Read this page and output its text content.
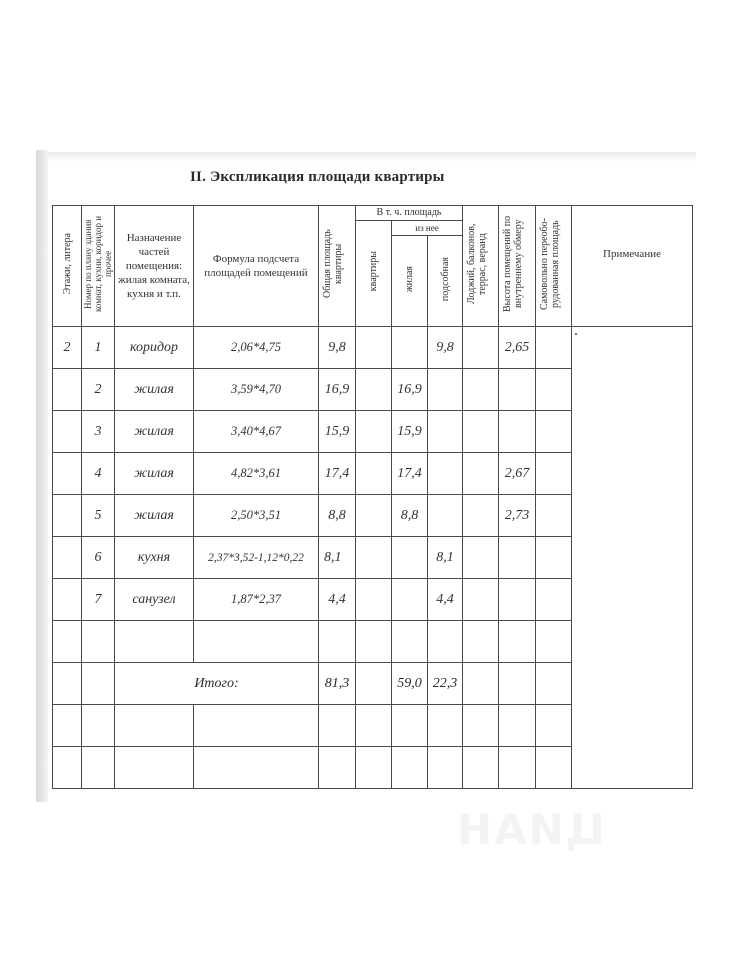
II. Экспликация площади квартиры
Этажи, литера	Номер по плану здания комнат, кухни, коридор и прочее	Назначение частей помещения: жилая комната, кухня и т.п.	Формула подсчета площадей помещений	Общая площадь квартиры	В т. ч. площадь			Лоджий, балконов, террас, веранд	Высота помещений по внутреннему обмеру	Самовольно переобо-рудованная площадь	Примечание
					квартиры	из нее					
						жилая	подсобная				
2	1	коридор	2,06*4,75	9,8			9,8		2,65		
	2	жилая	3,59*4,70	16,9		16,9					
	3	жилая	3,40*4,67	15,9		15,9					
	4	жилая	4,82*3,61	17,4		17,4			2,67		
	5	жилая	2,50*3,51	8,8		8,8			2,73		
	6	кухня	2,37*3,52-1,12*0,22	8,1			8,1				
	7	санузел	1,87*2,37	4,4			4,4				

		Итого:		81,3		59,0	22,3				

ЦИАН
